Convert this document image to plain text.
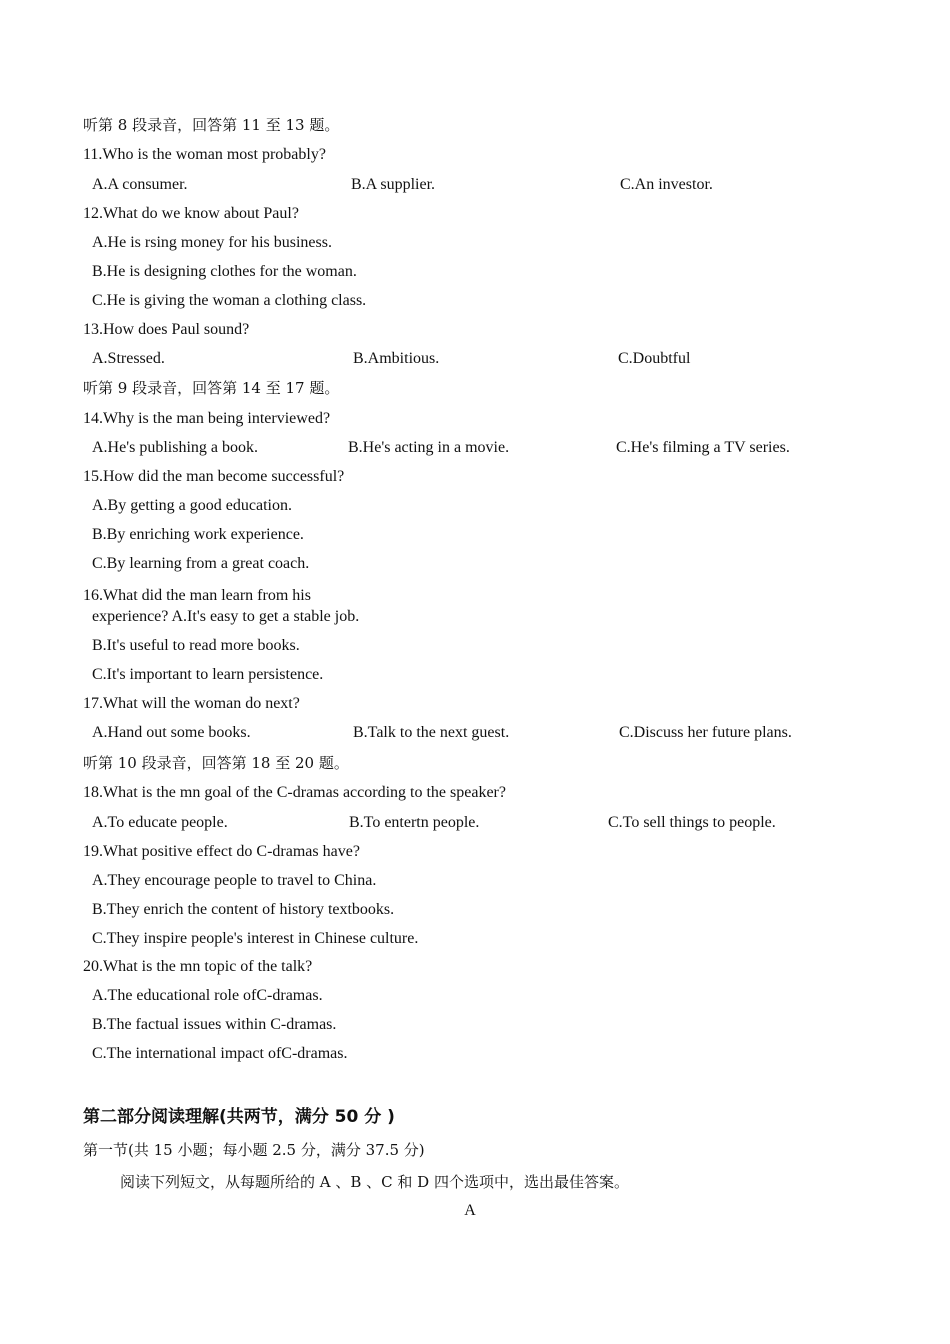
听第 8 段录音，回答第 11 至 13 题。
11.Who is the woman most probably?
A.A consumer.	B.A supplier.	C.An investor.
12.What do we know about Paul?
A.He is rsing money for his business.
B.He is designing clothes for the woman.
C.He is giving the woman a clothing class.
13.How does Paul sound?
A.Stressed.	B.Ambitious.	C.Doubtful
听第 9 段录音，回答第 14 至 17 题。
14.Why is the man being interviewed?
A.He's publishing a book.	B.He's acting in a movie.	C.He's filming a TV series.
15.How did the man become successful?
A.By getting a good education.
B.By enriching work experience.
C.By learning from a great coach.
16.What did the man learn from his
experience? A.It's easy to get a stable job.
B.It's useful to read more books.
C.It's important to learn persistence.
17.What will the woman do next?
A.Hand out some books.	B.Talk to the next guest.	C.Discuss her future plans.
听第 10 段录音，回答第 18 至 20 题。
18.What is the mn goal of the C-dramas according to the speaker?
A.To educate people.	B.To entertn people.	C.To sell things to people.
19.What positive effect do C-dramas have?
A.They encourage people to travel to China.
B.They enrich the content of history textbooks.
C.They inspire people's interest in Chinese culture.
20.What is the mn topic of the talk?
A.The educational role ofC-dramas.
B.The factual issues within C-dramas.
C.The international impact ofC-dramas.
第二部分阅读理解(共两节，满分 50 分 )
第一节(共 15 小题；每小题 2.5 分，满分 37.5 分)
阅读下列短文，从每题所给的 A 、B 、C 和 D 四个选项中，选出最佳答案。
A
